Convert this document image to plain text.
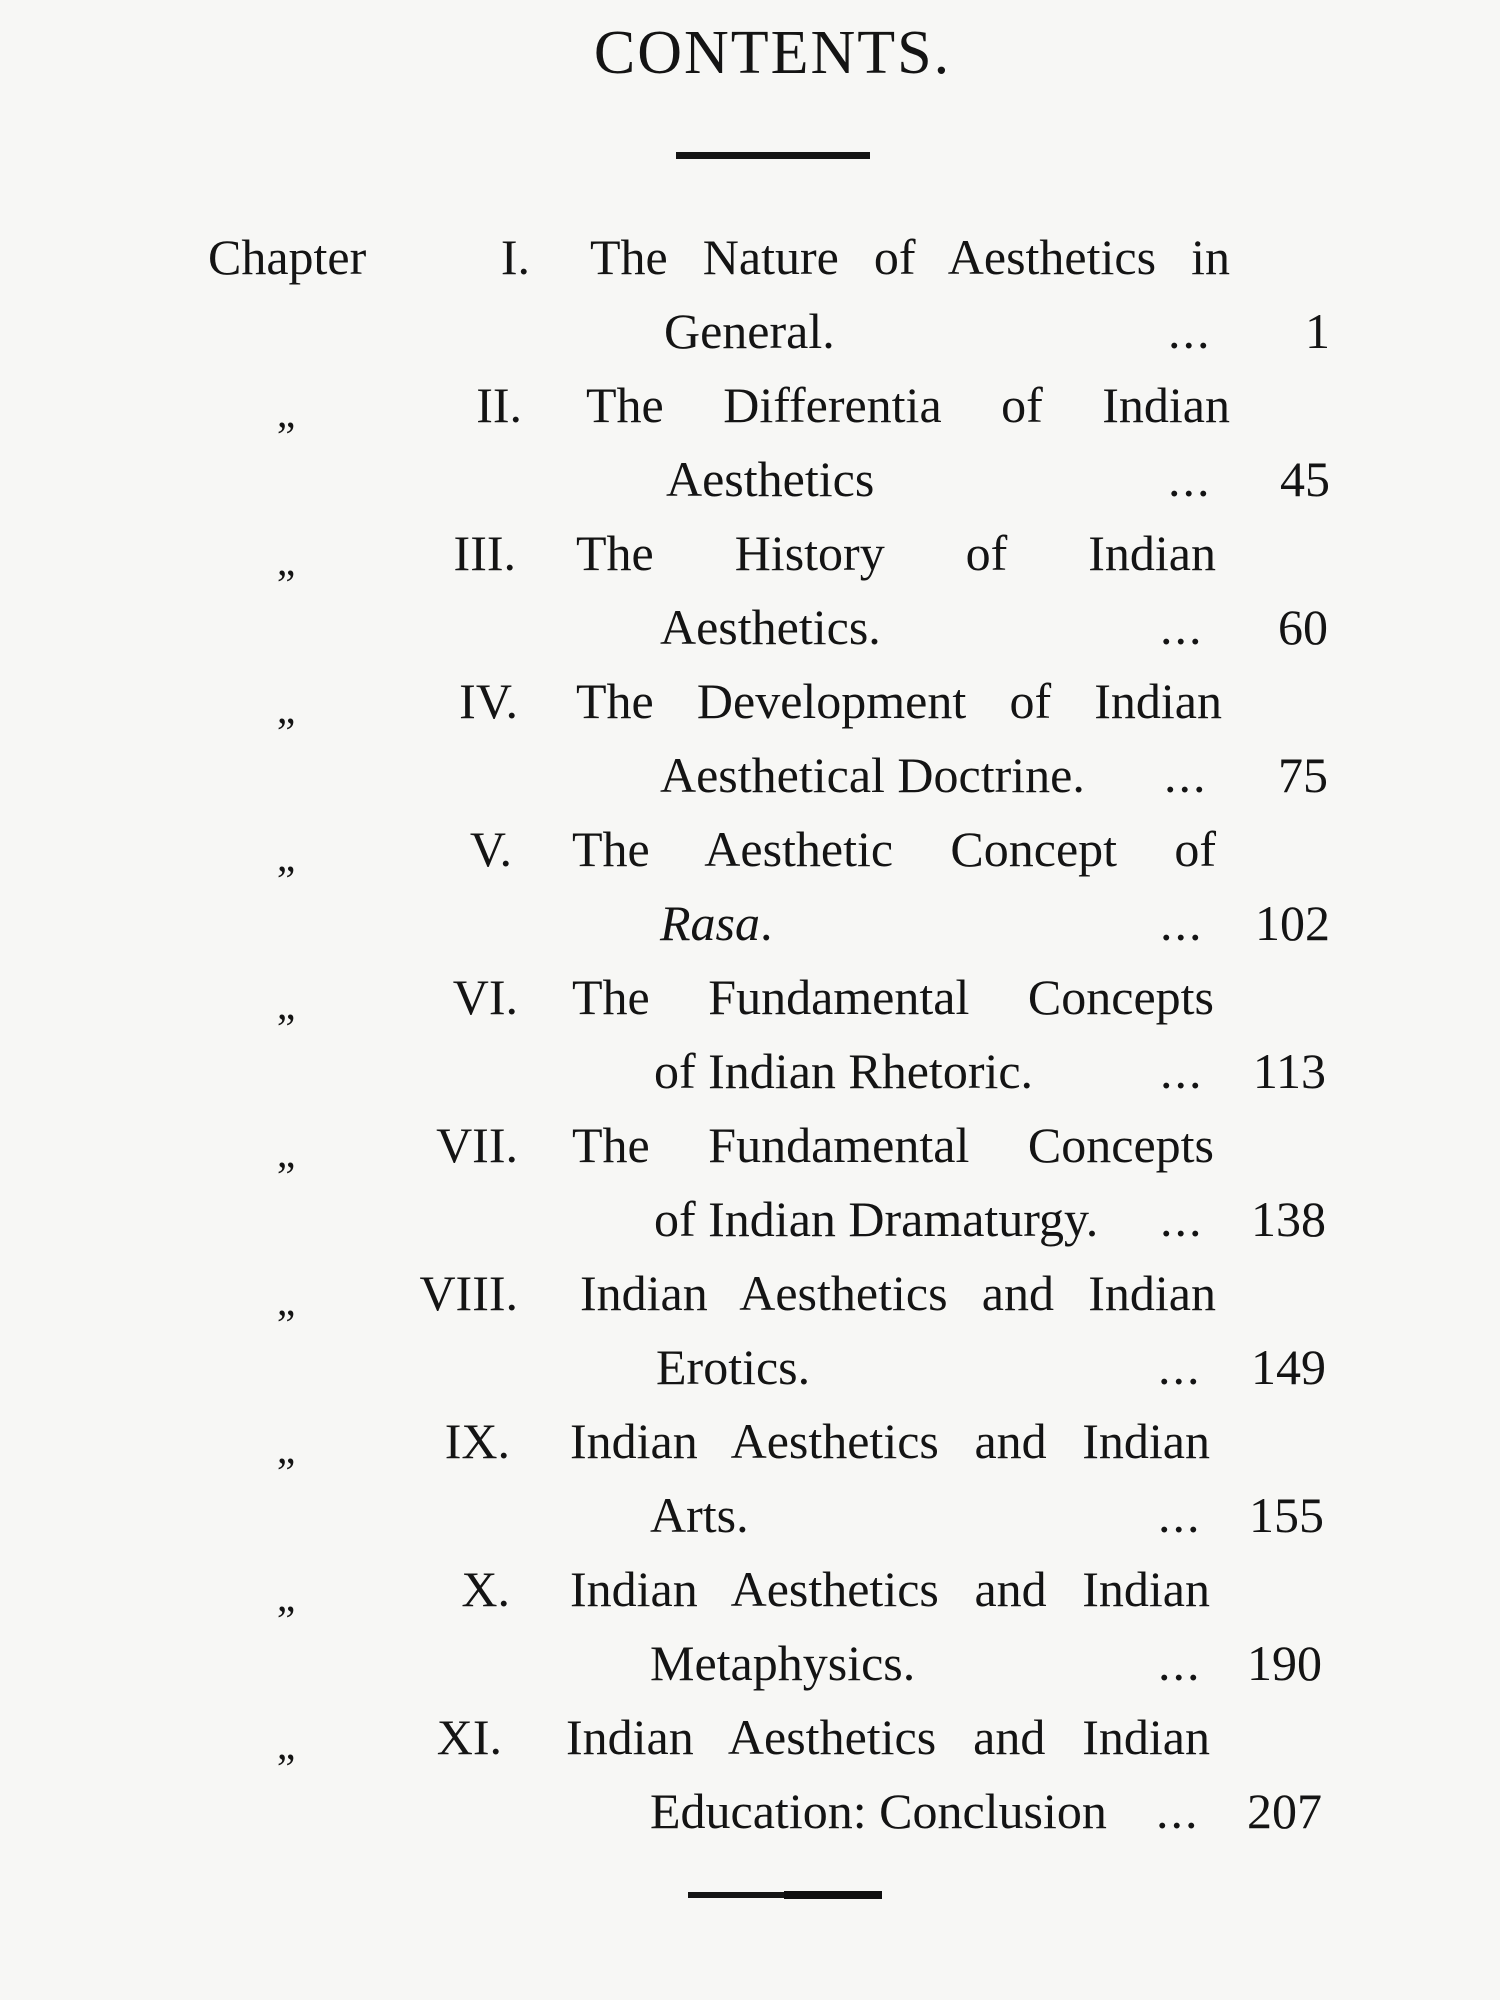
CONTENTS.
Chapter	I. The Nature of Aesthetics in
General.	... 1
,,	II. The Differentia of Indian
Aesthetics	... 45
,,	III. The History of Indian
Aesthetics.	... 60
,,	IV. The Development of Indian
Aesthetical Doctrine. ... 75
,,	V. The Aesthetic Concept of
Rasa.	... 102
,,	VI. The Fundamental Concepts
of Indian Rhetoric.	... 113
,,	VII. The Fundamental Concepts
of Indian Dramaturgy. ... 138
,,	VIII. Indian Aesthetics and Indian
Erotics.	... 149
,,	IX. Indian Aesthetics and Indian
Arts.	... 155
,,	X. Indian Aesthetics and Indian
Metaphysics.	... 190
,,	XI. Indian Aesthetics and Indian
Education: Conclusion ... 207
